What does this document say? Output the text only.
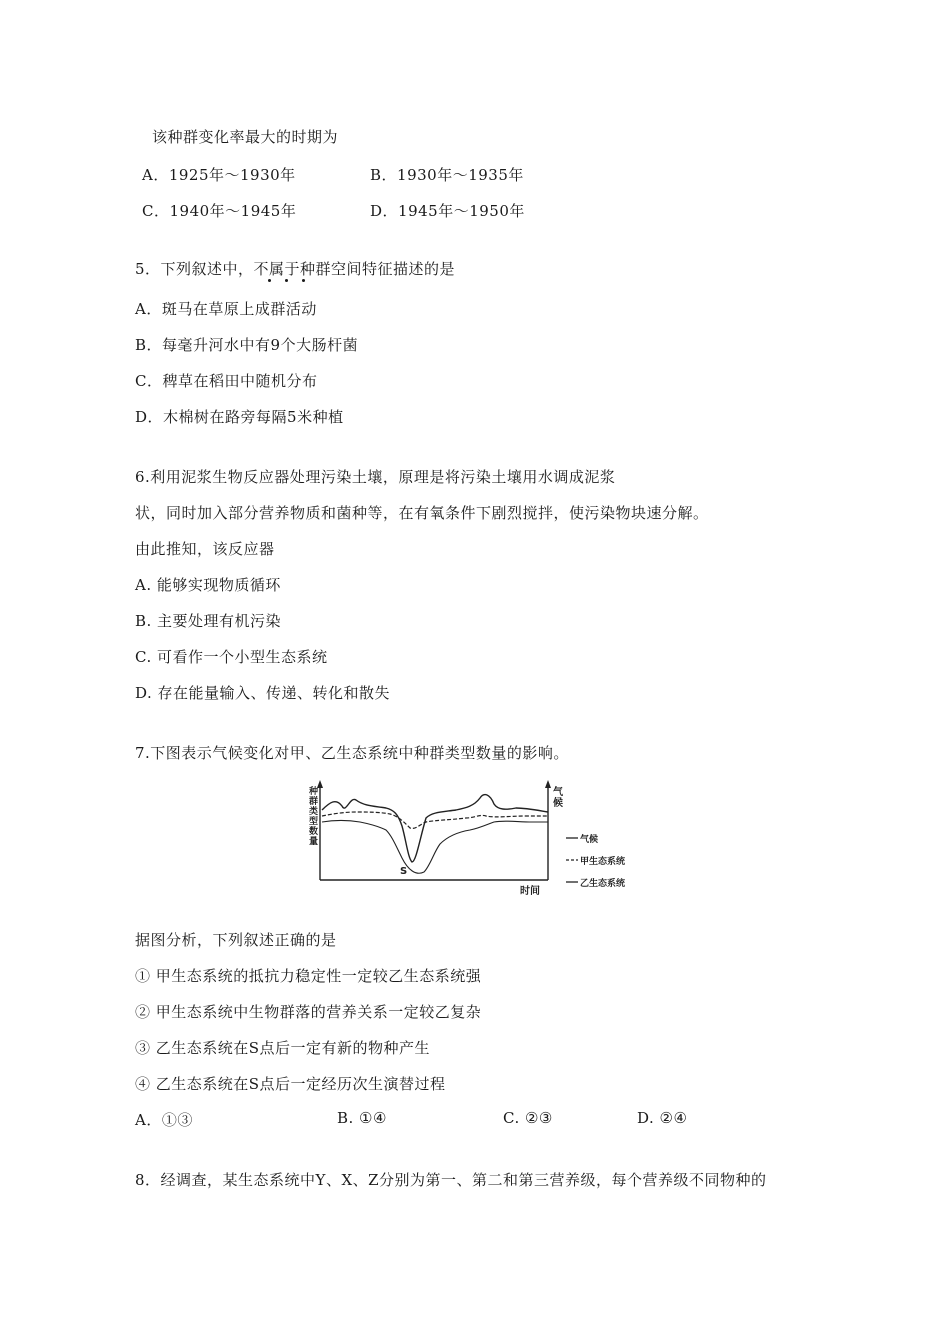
该种群变化率最大的时期为
A．1925年～1930年	B．1930年～1935年
C．1940年～1945年	D．1945年～1950年
5．下列叙述中，不属于种群空间特征描述的是
A．斑马在草原上成群活动
B．每毫升河水中有9个大肠杆菌
C．稗草在稻田中随机分布
D．木棉树在路旁每隔5米种植
6.利用泥浆生物反应器处理污染土壤，原理是将污染土壤用水调成泥浆
状，同时加入部分营养物质和菌种等，在有氧条件下剧烈搅拌，使污染物块速分解。
由此推知，该反应器
A. 能够实现物质循环
B. 主要处理有机污染
C. 可看作一个小型生态系统
D. 存在能量输入、传递、转化和散失
7.下图表示气候变化对甲、乙生态系统中种群类型数量的影响。
种群类型数量	气候
时间
S
气候
甲生态系统
乙生态系统
据图分析，下列叙述正确的是
① 甲生态系统的抵抗力稳定性一定较乙生态系统强
② 甲生态系统中生物群落的营养关系一定较乙复杂
③ 乙生态系统在S点后一定有新的物种产生
④ 乙生态系统在S点后一定经历次生演替过程
A．①③	B. ①④	C. ②③	D. ②④
8．经调查，某生态系统中Y、X、Z分别为第一、第二和第三营养级，每个营养级不同物种的
